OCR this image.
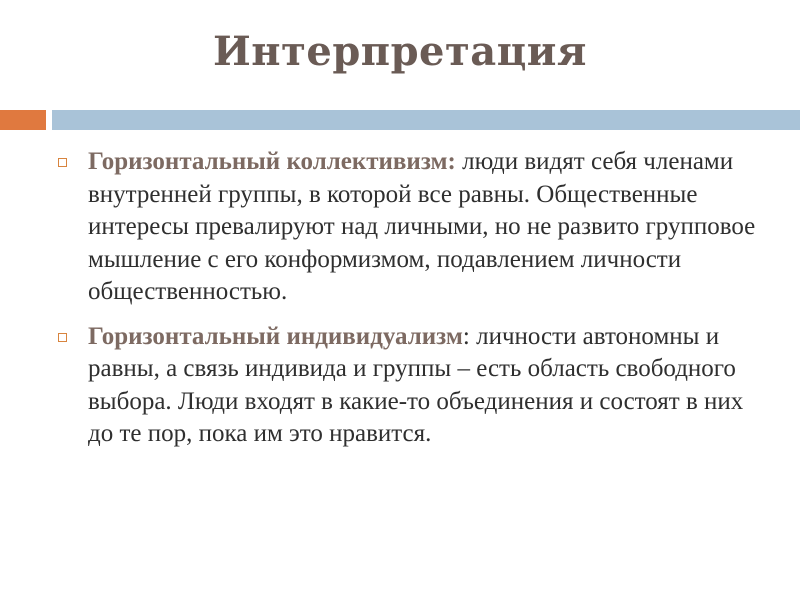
Интерпретация
Горизонтальный коллективизм: люди видят себя членами внутренней группы, в которой все равны. Общественные интересы превалируют над личными, но не развито групповое мышление с его конформизмом, подавлением личности общественностью.
Горизонтальный индивидуализм: личности автономны и равны, а связь индивида и группы – есть область свободного выбора. Люди входят в какие-то объединения и состоят в них до те пор, пока им это нравится.
